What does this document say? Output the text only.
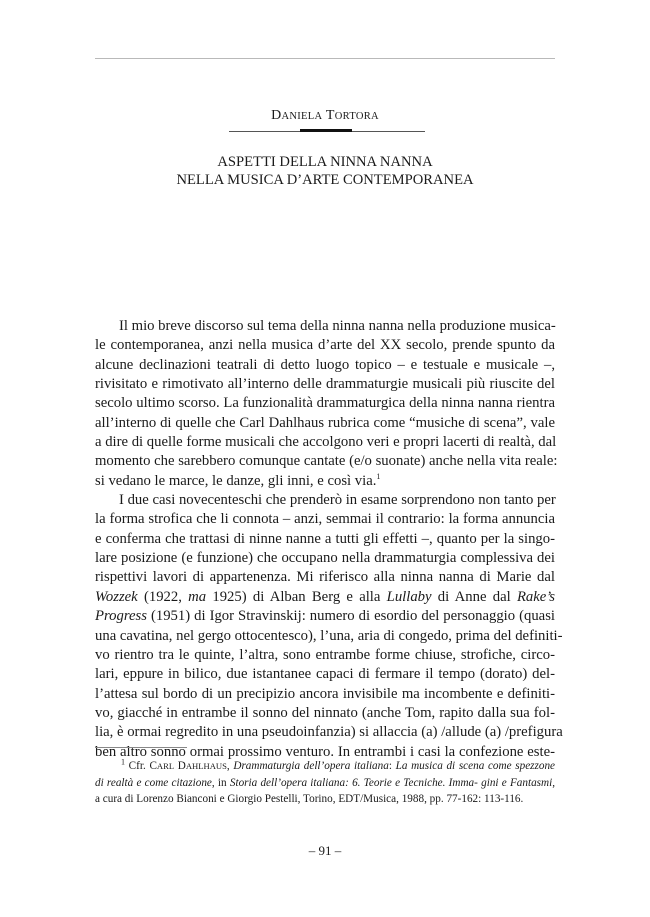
DANIELA TORTORA
ASPETTI DELLA NINNA NANNA
NELLA MUSICA D’ARTE CONTEMPORANEA
Il mio breve discorso sul tema della ninna nanna nella produzione musica-
le contemporanea, anzi nella musica d’arte del XX secolo, prende spunto da
alcune declinazioni teatrali di detto luogo topico – e testuale e musicale –,
rivisitato e rimotivato all’interno delle drammaturgie musicali più riuscite del
secolo ultimo scorso. La funzionalità drammaturgica della ninna nanna rientra
all’interno di quelle che Carl Dahlhaus rubrica come “musiche di scena”, vale
a dire di quelle forme musicali che accolgono veri e propri lacerti di realtà, dal
momento che sarebbero comunque cantate (e/o suonate) anche nella vita reale:
si vedano le marce, le danze, gli inni, e così via.$^1$
I due casi novecenteschi che prenderò in esame sorprendono non tanto per
la forma strofica che li connota – anzi, semmai il contrario: la forma annuncia
e conferma che trattasi di ninne nanne a tutti gli effetti –, quanto per la singo-
lare posizione (e funzione) che occupano nella drammaturgia complessiva dei
rispettivi lavori di appartenenza. Mi riferisco alla ninna nanna di Marie dal
Wozzek (1922, ma 1925) di Alban Berg e alla Lullaby di Anne dal Rake’s
Progress (1951) di Igor Stravinskij: numero di esordio del personaggio (quasi
una cavatina, nel gergo ottocentesco), l’una, aria di congedo, prima del definiti-
vo rientro tra le quinte, l’altra, sono entrambe forme chiuse, strofiche, circo-
lari, eppure in bilico, due istantanee capaci di fermare il tempo (dorato) del-
l’attesa sul bordo di un precipizio ancora invisibile ma incombente e definiti-
vo, giacché in entrambe il sonno del ninnato (anche Tom, rapito dalla sua fol-
lia, è ormai regredito in una pseudoinfanzia) si allaccia (a) /allude (a) /prefigura
ben altro sonno ormai prossimo venturo. In entrambi i casi la confezione este-
$^1$ Cfr. CARL DAHLHAUS, Drammaturgia dell’opera italiana: La musica di scena come spezzone di realtà e come citazione, in Storia dell’opera italiana: 6. Teorie e Tecniche. Imma- gini e Fantasmi, a cura di Lorenzo Bianconi e Giorgio Pestelli, Torino, EDT/Musica, 1988, pp. 77-162: 113-116.
– 91 –
